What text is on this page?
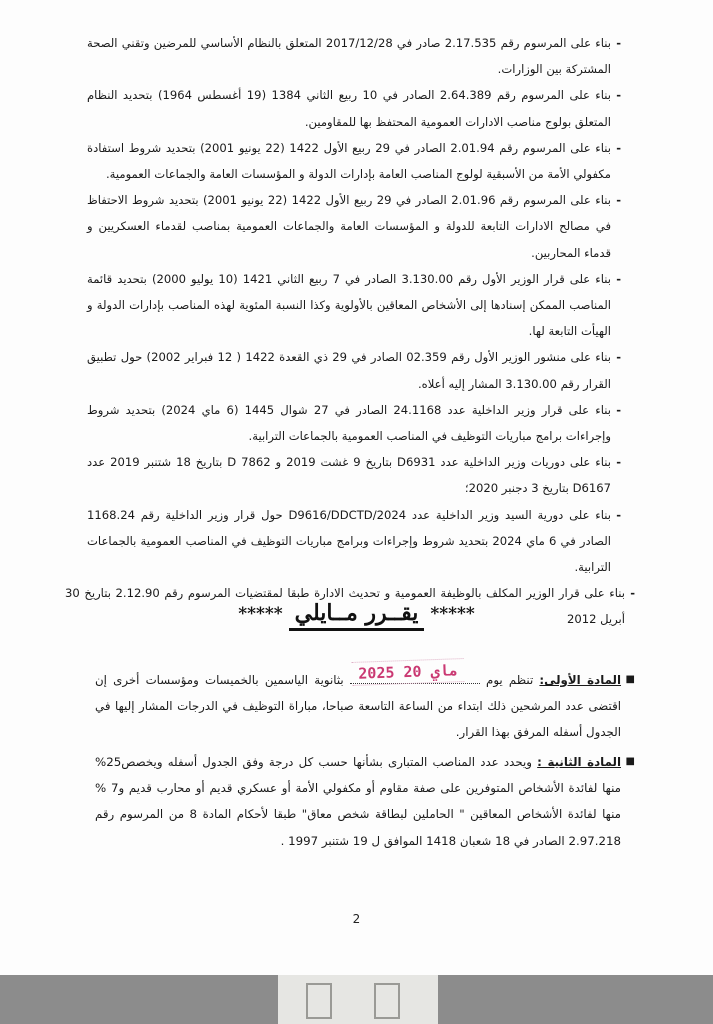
-
بناء على المرسوم رقم 2.17.535 صادر في 2017/12/28 المتعلق بالنظام الأساسي للمرضين وتقني الصحة المشتركة بين الوزارات.
-
بناء على المرسوم رقم 2.64.389 الصادر في 10 ربيع الثاني 1384 (19 أغسطس 1964) بتحديد النظام المتعلق بولوج مناصب الادارات العمومية المحتفظ بها للمقاومين.
-
بناء على المرسوم رقم 2.01.94 الصادر في 29 ربيع الأول 1422 (22 يونيو 2001) بتحديد شروط استفادة مكفولي الأمة من الأسبقية لولوج المناصب العامة بإدارات الدولة و المؤسسات العامة والجماعات العمومية.
-
بناء على المرسوم رقم 2.01.96 الصادر في 29 ربيع الأول 1422 (22 يونيو 2001) بتحديد شروط الاحتفاظ في مصالح الادارات التابعة للدولة و المؤسسات العامة والجماعات العمومية بمناصب لقدماء العسكريين و قدماء المحاربين.
-
بناء على قرار الوزير الأول رقم 3.130.00 الصادر في 7 ربيع الثاني 1421 (10 يوليو 2000) بتحديد قائمة المناصب الممكن إسنادها إلى الأشخاص المعاقين بالأولوية وكذا النسبة المئوية لهذه المناصب بإدارات الدولة و الهيأت التابعة لها.
-
بناء على منشور الوزير الأول رقم 02.359 الصادر في 29 ذي القعدة 1422 ( 12 فبراير 2002) حول تطبيق القرار رقم 3.130.00 المشار إليه أعلاه.
-
بناء على قرار وزير الداخلية عدد 24.1168 الصادر في 27 شوال 1445 (6 ماي 2024) بتحديد شروط وإجراءات برامج مباريات التوظيف في المناصب العمومية بالجماعات الترابية.
-
بناء على دوريات وزير الداخلية عدد D6931 بتاريخ 9 غشت 2019 و D 7862 بتاريخ 18 شتنبر 2019 عدد D6167 بتاريخ 3 دجنبر 2020؛
-
بناء على دورية السيد وزير الداخلية عدد D9616/DDCTD/2024 حول قرار وزير الداخلية رقم 1168.24 الصادر في 6 ماي 2024 بتحديد شروط وإجراءات وبرامج مباريات التوظيف في المناصب العمومية بالجماعات الترابية.
-
بناء على قرار الوزير المكلف بالوظيفة العمومية و تحديث الادارة طبقا لمقتضيات المرسوم رقم 2.12.90 بتاريخ 30 أبريل 2012
*****يقــرر مــايلي*****
■
المادة الأولى: تنظم يوم  بثانوية الياسمين بالخميسات ومؤسسات أخرى إن اقتضى عدد المرشحين ذلك ابتداء من الساعة التاسعة صباحا، مباراة التوظيف في الدرجات المشار إليها في الجدول أسفله المرفق بهذا القرار.
2025 ماي 20
■
المادة الثانية : ويحدد عدد المناصب المتبارى بشأنها حسب كل درجة وفق الجدول أسفله ويخصص25% منها لفائدة الأشخاص المتوفرين على صفة مقاوم أو مكفولي الأمة أو عسكري قديم أو محارب قديم و7 % منها لفائدة الأشخاص المعاقين " الحاملين لبطاقة شخص معاق" طبقا لأحكام المادة 8 من المرسوم رقم 2.97.218 الصادر في 18 شعبان 1418 الموافق ل 19 شتنبر 1997 .
2
